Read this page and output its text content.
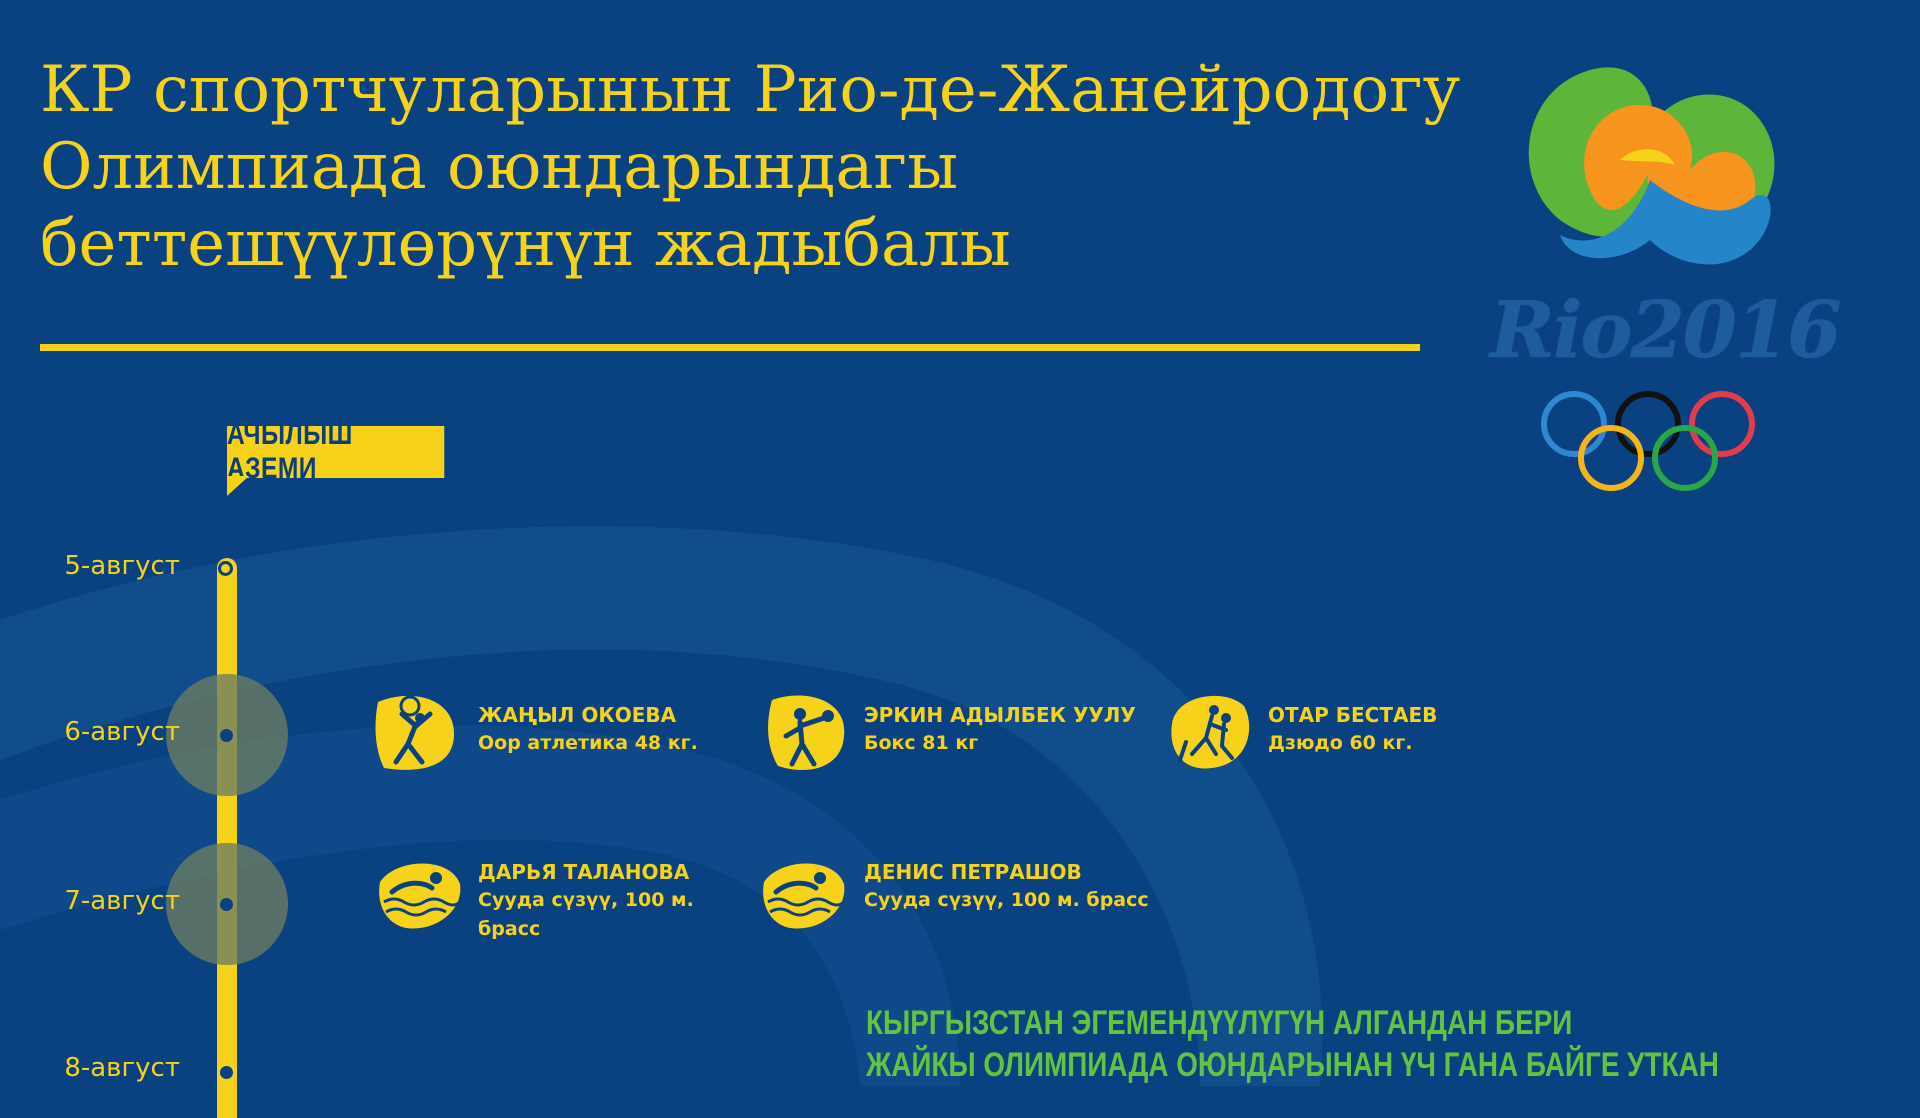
КР спортчуларынын Рио-де-Жанейродогу
Олимпиада оюндарындагы
беттешүүлөрүнүн жадыбалы
Rio2016
АЧЫЛЫШ АЗЕМИ
5-август
6-август
7-август
8-август
ЖАҢЫЛ ОКОЕВА
Оор атлетика 48 кг.
ЭРКИН АДЫЛБЕК УУЛУ
Бокс 81 кг
ОТАР БЕСТАЕВ
Дзюдо 60 кг.
ДАРЬЯ ТАЛАНОВА
Сууда сүзүү, 100 м. брасс
ДЕНИС ПЕТРАШОВ
Сууда сүзүү, 100 м. брасс
КЫРГЫЗСТАН ЭГЕМЕНДҮҮЛҮГҮН АЛГАНДАН БЕРИ
ЖАЙКЫ ОЛИМПИАДА ОЮНДАРЫНАН ҮЧ ГАНА БАЙГЕ УТКАН
